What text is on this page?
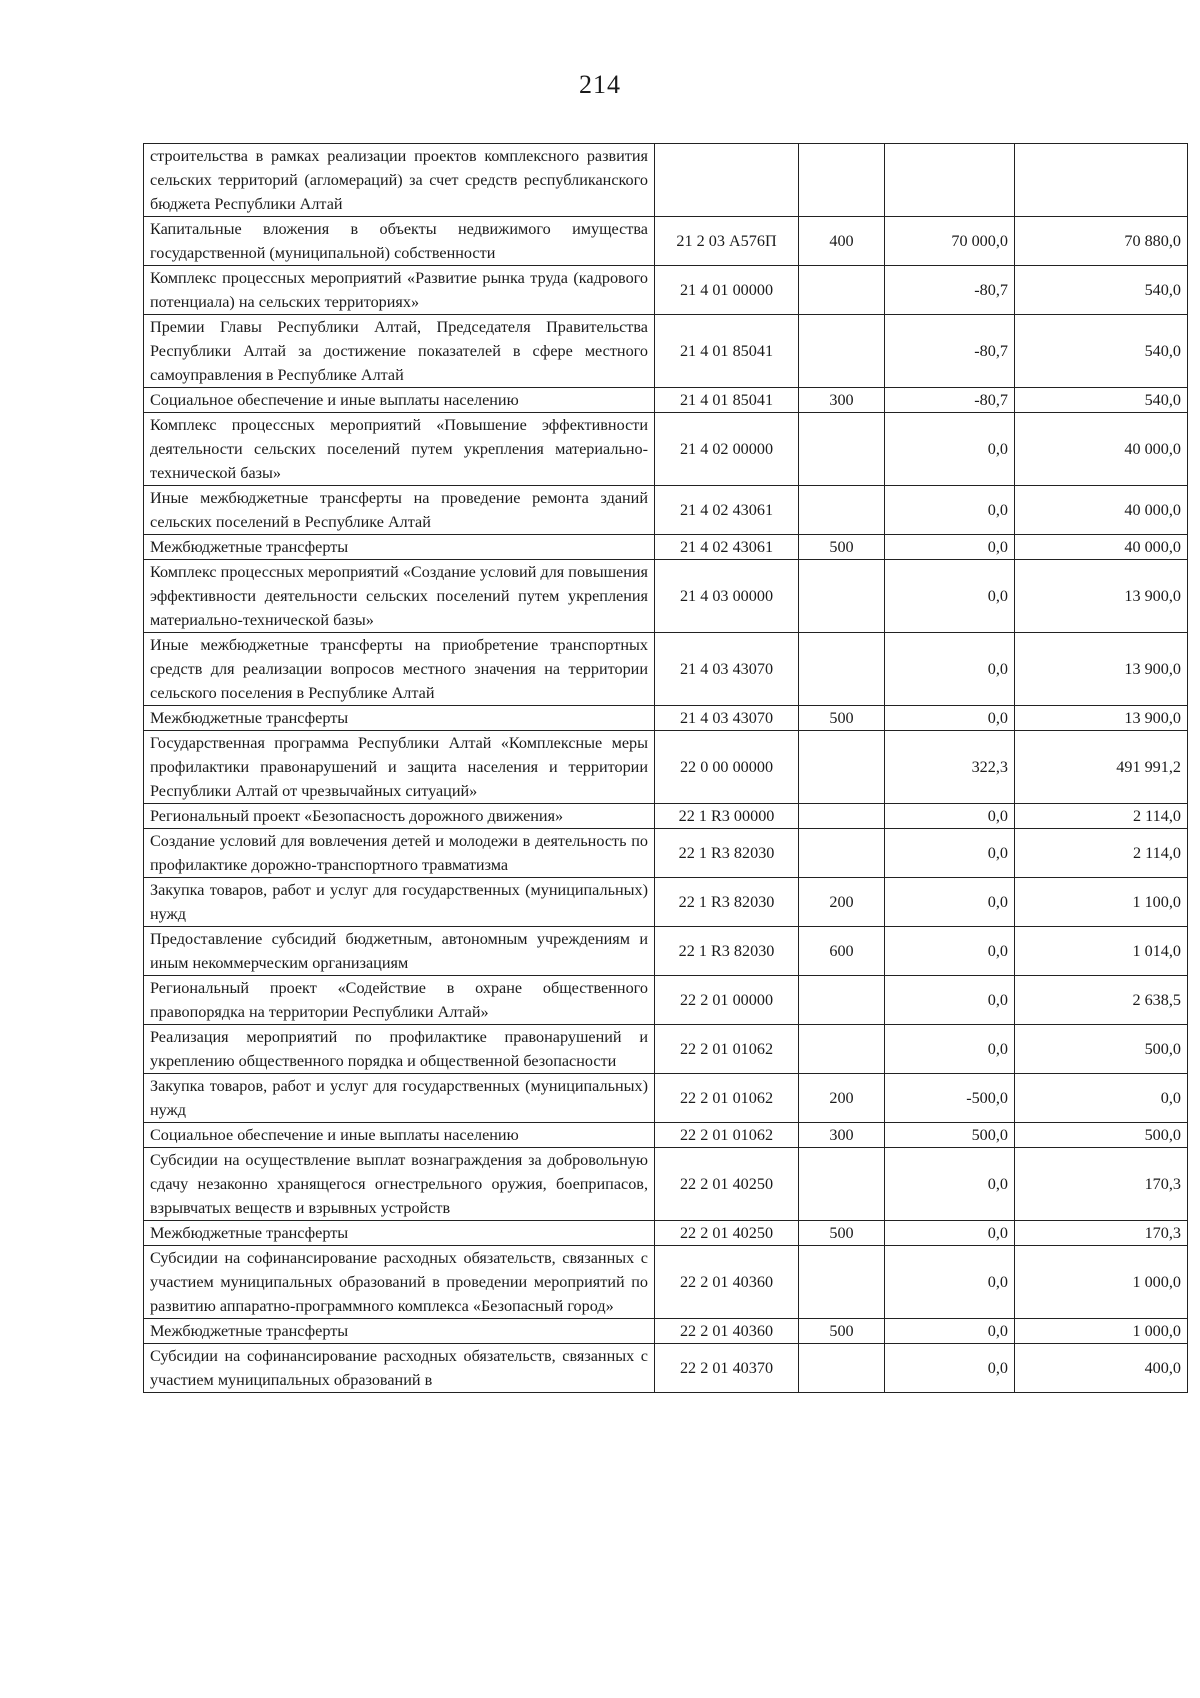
214
строительства в рамках реализации проектов комплексного развития сельских территорий (агломераций) за счет средств республиканского бюджета Республики Алтай				
Капитальные вложения в объекты недвижимого имущества государственной (муниципальной) собственности	21 2 03 А576П	400	70 000,0	70 880,0
Комплекс процессных мероприятий «Развитие рынка труда (кадрового потенциала) на сельских территориях»	21 4 01 00000		-80,7	540,0
Премии Главы Республики Алтай, Председателя Правительства Республики Алтай за достижение показателей в сфере местного самоуправления в Республике Алтай	21 4 01 85041		-80,7	540,0
Социальное обеспечение и иные выплаты населению	21 4 01 85041	300	-80,7	540,0
Комплекс процессных мероприятий «Повышение эффективности деятельности сельских поселений путем укрепления материально-технической базы»	21 4 02 00000		0,0	40 000,0
Иные межбюджетные трансферты на проведение ремонта зданий сельских поселений в Республике Алтай	21 4 02 43061		0,0	40 000,0
Межбюджетные трансферты	21 4 02 43061	500	0,0	40 000,0
Комплекс процессных мероприятий «Создание условий для повышения эффективности деятельности сельских поселений путем укрепления материально-технической базы»	21 4 03 00000		0,0	13 900,0
Иные межбюджетные трансферты на приобретение транспортных средств для реализации вопросов местного значения на территории сельского поселения в Республике Алтай	21 4 03 43070		0,0	13 900,0
Межбюджетные трансферты	21 4 03 43070	500	0,0	13 900,0
Государственная программа Республики Алтай «Комплексные меры профилактики правонарушений и защита населения и территории Республики Алтай от чрезвычайных ситуаций»	22 0 00 00000		322,3	491 991,2
Региональный проект «Безопасность дорожного движения»	22 1 R3 00000		0,0	2 114,0
Создание условий для вовлечения детей и молодежи в деятельность по профилактике дорожно-транспортного травматизма	22 1 R3 82030		0,0	2 114,0
Закупка товаров, работ и услуг для государственных (муниципальных) нужд	22 1 R3 82030	200	0,0	1 100,0
Предоставление субсидий бюджетным, автономным учреждениям и иным некоммерческим организациям	22 1 R3 82030	600	0,0	1 014,0
Региональный проект «Содействие в охране общественного правопорядка на территории Республики Алтай»	22 2 01 00000		0,0	2 638,5
Реализация мероприятий по профилактике правонарушений и укреплению общественного порядка и общественной безопасности	22 2 01 01062		0,0	500,0
Закупка товаров, работ и услуг для государственных (муниципальных) нужд	22 2 01 01062	200	-500,0	0,0
Социальное обеспечение и иные выплаты населению	22 2 01 01062	300	500,0	500,0
Субсидии на осуществление выплат вознаграждения за добровольную сдачу незаконно хранящегося огнестрельного оружия, боеприпасов, взрывчатых веществ и взрывных устройств	22 2 01 40250		0,0	170,3
Межбюджетные трансферты	22 2 01 40250	500	0,0	170,3
Субсидии на софинансирование расходных обязательств, связанных с участием муниципальных образований в проведении мероприятий по развитию аппаратно-программного комплекса «Безопасный город»	22 2 01 40360		0,0	1 000,0
Межбюджетные трансферты	22 2 01 40360	500	0,0	1 000,0
Субсидии на софинансирование расходных обязательств, связанных с участием муниципальных образований в	22 2 01 40370		0,0	400,0
